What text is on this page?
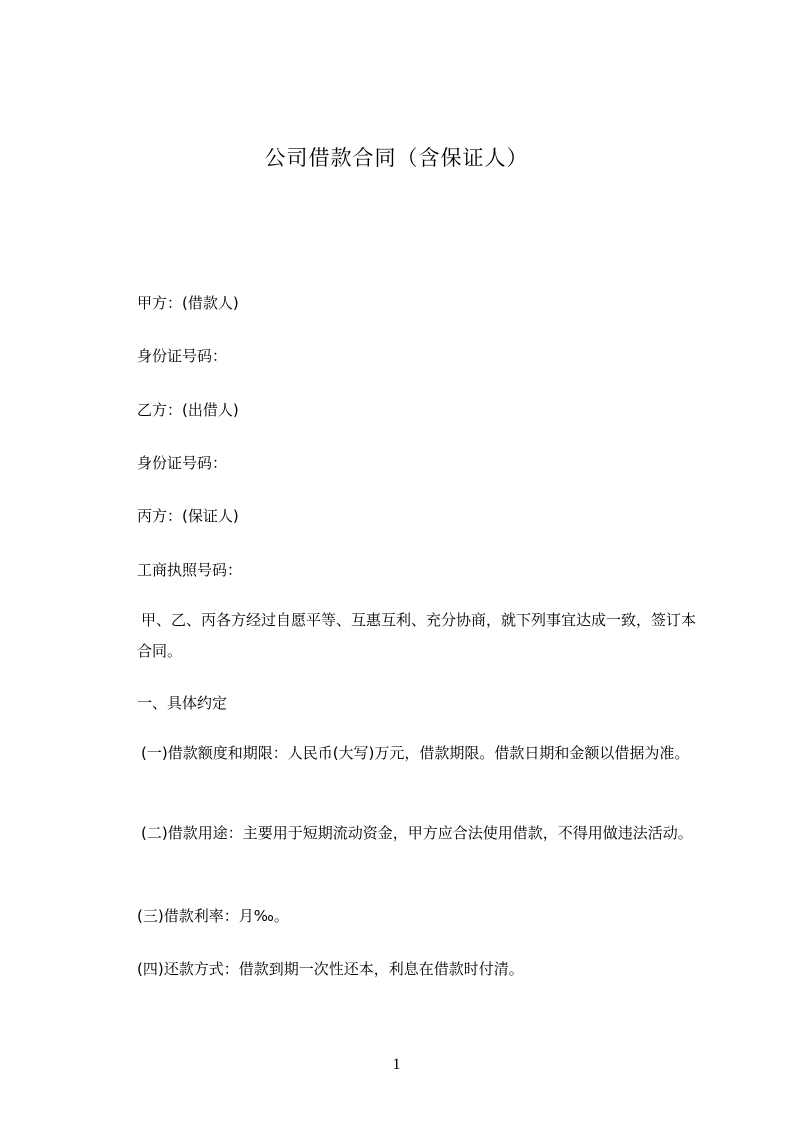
公司借款合同（含保证人）
甲方：(借款人)
身份证号码：
乙方：(出借人)
身份证号码：
丙方：(保证人)
工商执照号码：
甲、乙、丙各方经过自愿平等、互惠互利、充分协商，就下列事宜达成一致，签订本合同。
一、具体约定
(一)借款额度和期限：人民币(大写)万元，借款期限。借款日期和金额以借据为准。
(二)借款用途：主要用于短期流动资金，甲方应合法使用借款，不得用做违法活动。
(三)借款利率：月‰。
(四)还款方式：借款到期一次性还本，利息在借款时付清。
1
